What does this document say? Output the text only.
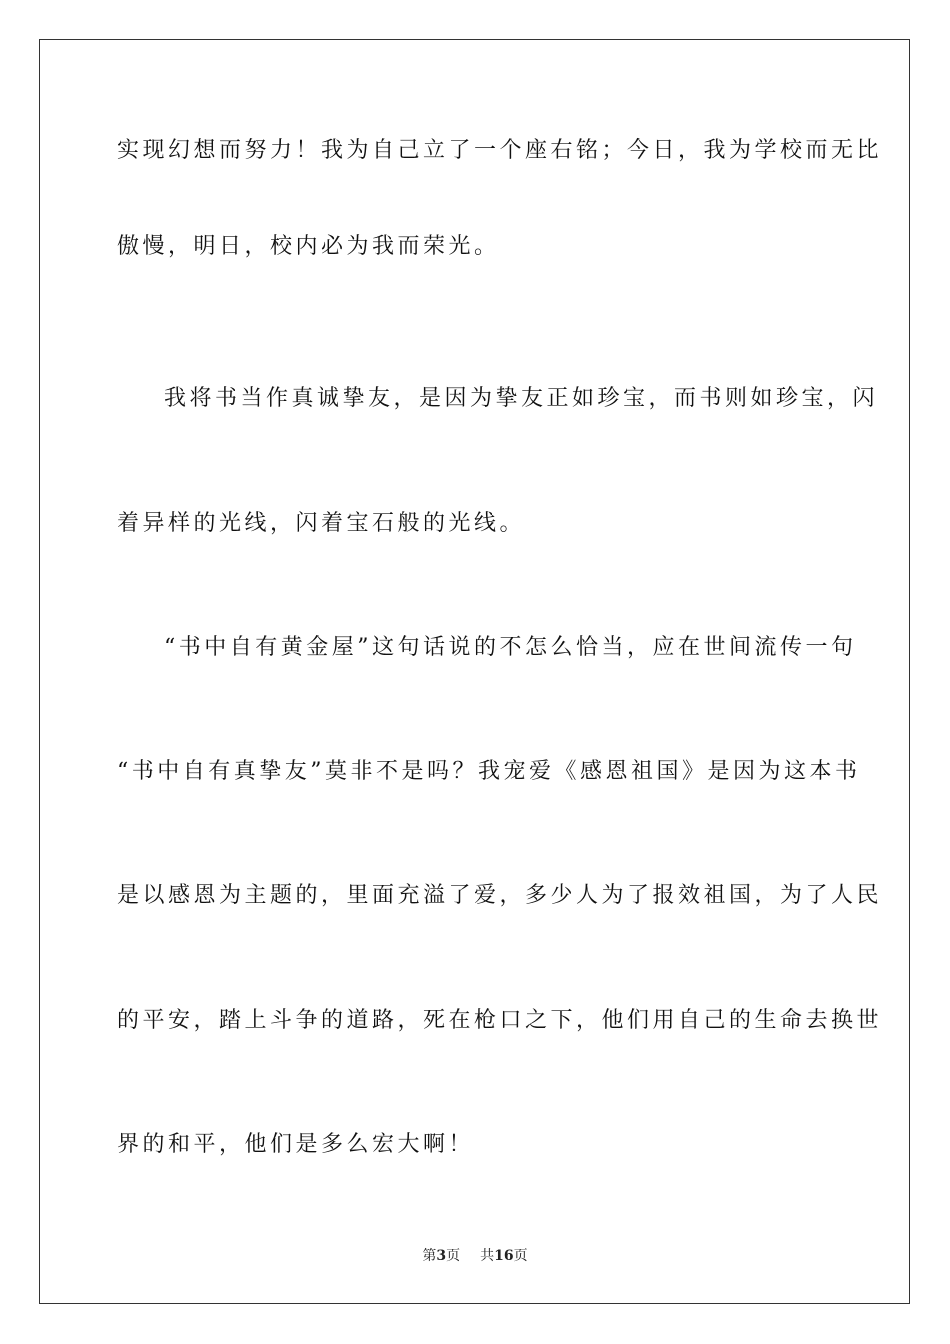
实现幻想而努力！我为自己立了一个座右铭；今日，我为学校而无比
傲慢，明日，校内必为我而荣光。
我将书当作真诚挚友，是因为挚友正如珍宝，而书则如珍宝，闪
着异样的光线，闪着宝石般的光线。
“书中自有黄金屋”这句话说的不怎么恰当，应在世间流传一句
“书中自有真挚友”莫非不是吗？我宠爱《感恩祖国》是因为这本书
是以感恩为主题的，里面充溢了爱，多少人为了报效祖国，为了人民
的平安，踏上斗争的道路，死在枪口之下，他们用自己的生命去换世
界的和平，他们是多么宏大啊！
第3页 共16页
